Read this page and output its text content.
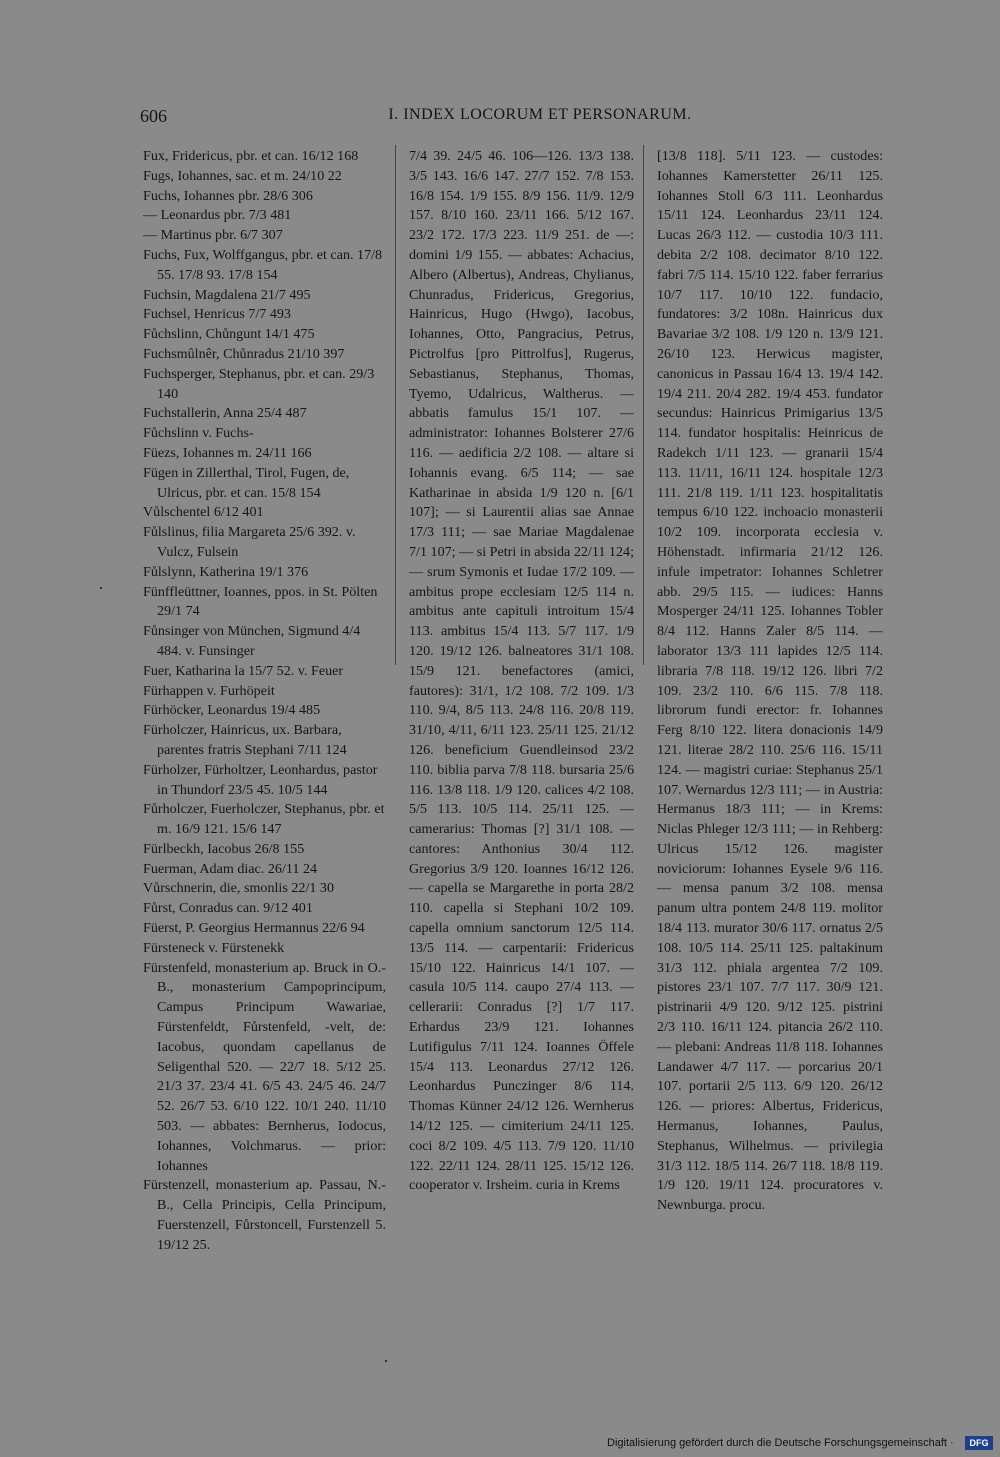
606	I. INDEX LOCORUM ET PERSONARUM.

Fux, Fridericus, pbr. et can. 16/12 168

Fugs, Iohannes, sac. et m. 24/10 22

Fuchs, Iohannes pbr. 28/6 306

— Leonardus pbr. 7/3 481

— Martinus pbr. 6/7 307

Fuchs, Fux, Wolffgangus, pbr. et can. 17/8 55. 17/8 93. 17/8 154

Fuchsin, Magdalena 21/7 495

Fuchsel, Henricus 7/7 493

Fůchslinn, Chůngunt 14/1 475

Fuchsmûlnêr, Chůnradus 21/10 397

Fuchsperger, Stephanus, pbr. et can. 29/3 140

Fuchstallerin, Anna 25/4 487

Fůchslinn v. Fuchs-

Füezs, Iohannes m. 24/11 166

Fügen in Zillerthal, Tirol, Fugen, de, Ulricus, pbr. et can. 15/8 154

Vůlschentel 6/12 401

Fůlslinus, filia Margareta 25/6 392. v. Vulcz, Fulsein

Fůlslynn, Katherina 19/1 376

Fünffleüttner, Ioannes, ppos. in St. Pölten 29/1 74

Fůnsinger von München, Sigmund 4/4 484. v. Funsinger

Fuer, Katharina la 15/7 52. v. Feuer

Fürhappen v. Furhöpeit

Fürhöcker, Leonardus 19/4 485

Fürholczer, Hainricus, ux. Barbara, parentes fratris Stephani 7/11 124

Fürholzer, Fürholtzer, Leonhardus, pastor in Thundorf 23/5 45. 10/5 144

Fůrholczer, Fuerholczer, Stephanus, pbr. et m. 16/9 121. 15/6 147

Fürlbeckh, Iacobus 26/8 155

Fuerman, Adam diac. 26/11 24

Vůrschnerin, die, smonlis 22/1 30

Fůrst, Conradus can. 9/12 401

Füerst, P. Georgius Hermannus 22/6 94

Fürsteneck v. Fürstenekk

Fürstenfeld, monasterium ap. Bruck in O.-B., monasterium Campoprincipum, Campus Principum Wawariae, Fürstenfeldt, Fůrstenfeld, -velt, de: Iacobus, quondam capellanus de Seligenthal 520. — 22/7 18. 5/12 25. 21/3 37. 23/4 41. 6/5 43. 24/5 46. 24/7 52. 26/7 53. 6/10 122. 10/1 240. 11/10 503. — abbates: Bernherus, Iodocus, Iohannes, Volchmarus. — prior: Iohannes

Fürstenzell, monasterium ap. Passau, N.-B., Cella Principis, Cella Principum, Fuerstenzell, Fůrstoncell, Furstenzell 5. 19/12 25.

7/4 39. 24/5 46. 106—126. 13/3 138. 3/5 143. 16/6 147. 27/7 152. 7/8 153. 16/8 154. 1/9 155. 8/9 156. 11/9. 12/9 157. 8/10 160. 23/11 166. 5/12 167. 23/2 172. 17/3 223. 11/9 251. de —: domini 1/9 155. — abbates: Achacius, Albero (Albertus), Andreas, Chylianus, Chunradus, Fridericus, Gregorius, Hainricus, Hugo (Hwgo), Iacobus, Iohannes, Otto, Pangracius, Petrus, Pictrolfus [pro Pittrolfus], Rugerus, Sebastianus, Stephanus, Thomas, Tyemo, Udalricus, Waltherus. — abbatis famulus 15/1 107. — administrator: Iohannes Bolsterer 27/6 116. — aedificia 2/2 108. — altare si Iohannis evang. 6/5 114; — sae Katharinae in absida 1/9 120 n. [6/1 107]; — si Laurentii alias sae Annae 17/3 111; — sae Mariae Magdalenae 7/1 107; — si Petri in absida 22/11 124; — srum Symonis et Iudae 17/2 109. — ambitus prope ecclesiam 12/5 114 n. ambitus ante capituli introitum 15/4 113. ambitus 15/4 113. 5/7 117. 1/9 120. 19/12 126. balneatores 31/1 108. 15/9 121. benefactores (amici, fautores): 31/1, 1/2 108. 7/2 109. 1/3 110. 9/4, 8/5 113. 24/8 116. 20/8 119. 31/10, 4/11, 6/11 123. 25/11 125. 21/12 126. beneficium Guendleinsod 23/2 110. biblia parva 7/8 118. bursaria 25/6 116. 13/8 118. 1/9 120. calices 4/2 108. 5/5 113. 10/5 114. 25/11 125. — camerarius: Thomas [?] 31/1 108. — cantores: Anthonius 30/4 112. Gregorius 3/9 120. Ioannes 16/12 126. — capella se Margarethe in porta 28/2 110. capella si Stephani 10/2 109. capella omnium sanctorum 12/5 114. 13/5 114. — carpentarii: Fridericus 15/10 122. Hainricus 14/1 107. — casula 10/5 114. caupo 27/4 113. — cellerarii: Conradus [?] 1/7 117. Erhardus 23/9 121. Iohannes Lutifigulus 7/11 124. Ioannes Öffele 15/4 113. Leonardus 27/12 126. Leonhardus Punczinger 8/6 114. Thomas Künner 24/12 126. Wernherus 14/12 125. — cimiterium 24/11 125. coci 8/2 109. 4/5 113. 7/9 120. 11/10 122. 22/11 124. 28/11 125. 15/12 126. cooperator v. Irsheim. curia in Krems

[13/8 118]. 5/11 123. — custodes: Iohannes Kamerstetter 26/11 125. Iohannes Stoll 6/3 111. Leonhardus 15/11 124. Leonhardus 23/11 124. Lucas 26/3 112. — custodia 10/3 111. debita 2/2 108. decimator 8/10 122. fabri 7/5 114. 15/10 122. faber ferrarius 10/7 117. 10/10 122. fundacio, fundatores: 3/2 108n. Hainricus dux Bavariae 3/2 108. 1/9 120 n. 13/9 121. 26/10 123. Herwicus magister, canonicus in Passau 16/4 13. 19/4 142. 19/4 211. 20/4 282. 19/4 453. fundator secundus: Hainricus Primigarius 13/5 114. fundator hospitalis: Heinricus de Radekch 1/11 123. — granarii 15/4 113. 11/11, 16/11 124. hospitale 12/3 111. 21/8 119. 1/11 123. hospitalitatis tempus 6/10 122. inchoacio monasterii 10/2 109. incorporata ecclesia v. Höhenstadt. infirmaria 21/12 126. infule impetrator: Iohannes Schletrer abb. 29/5 115. — iudices: Hanns Mosperger 24/11 125. Iohannes Tobler 8/4 112. Hanns Zaler 8/5 114. — laborator 13/3 111 lapides 12/5 114. libraria 7/8 118. 19/12 126. libri 7/2 109. 23/2 110. 6/6 115. 7/8 118. librorum fundi erector: fr. Iohannes Ferg 8/10 122. litera donacionis 14/9 121. literae 28/2 110. 25/6 116. 15/11 124. — magistri curiae: Stephanus 25/1 107. Wernardus 12/3 111; — in Austria: Hermanus 18/3 111; — in Krems: Niclas Phleger 12/3 111; — in Rehberg: Ulricus 15/12 126. magister noviciorum: Iohannes Eysele 9/6 116. — mensa panum 3/2 108. mensa panum ultra pontem 24/8 119. molitor 18/4 113. murator 30/6 117. ornatus 2/5 108. 10/5 114. 25/11 125. paltakinum 31/3 112. phiala argentea 7/2 109. pistores 23/1 107. 7/7 117. 30/9 121. pistrinarii 4/9 120. 9/12 125. pistrini 2/3 110. 16/11 124. pitancia 26/2 110. — plebani: Andreas 11/8 118. Iohannes Landawer 4/7 117. — porcarius 20/1 107. portarii 2/5 113. 6/9 120. 26/12 126. — priores: Albertus, Fridericus, Hermanus, Iohannes, Paulus, Stephanus, Wilhelmus. — privilegia 31/3 112. 18/5 114. 26/7 118. 18/8 119. 1/9 120. 19/11 124. procuratores v. Newnburga. procu.

Digitalisierung gefördert durch die Deutsche Forschungsgemeinschaft ·	DFG
